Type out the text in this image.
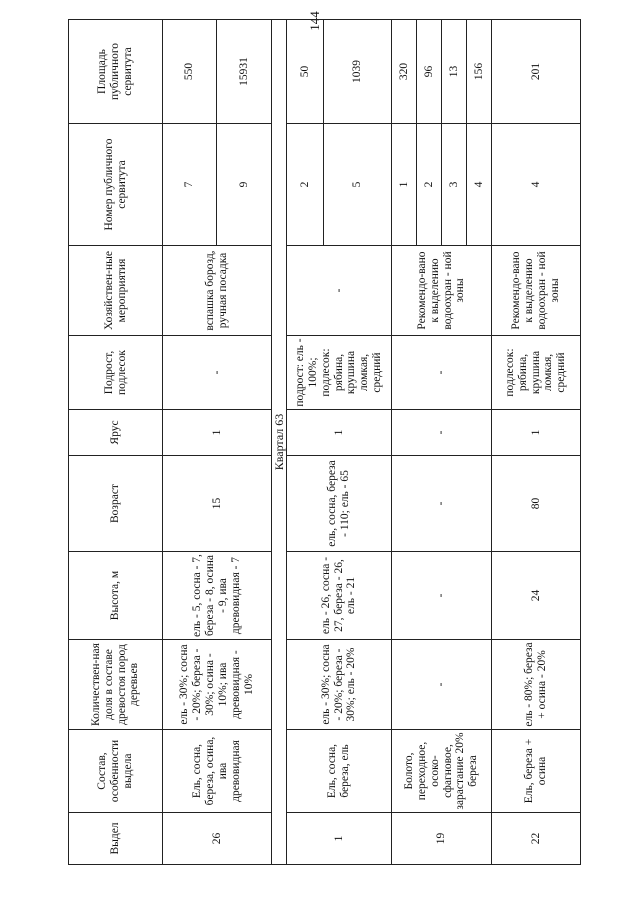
144
Выдел	Состав, особенности выдела	Количествен-ная доля в составе древостоя пород деревьев	Высота, м	Возраст	Ярус	Подрост, подлесок	Хозяйствен-ные мероприятия	Номер публичного сервитута	Площадь публичного сервитута
26	Ель, сосна, береза, осина, ива древовидная	ель - 30%; сосна - 20%; береза - 30%; осина - 10%; ива древовидная - 10%	ель - 5, сосна - 7, береза - 8, осина - 9, ива древовидная - 7	15	1	-	вспашка борозд, ручная посадка	7	550
								9	15931
Квартал 63									
1	Ель, сосна, береза, ель	ель - 30%; сосна - 20%; береза - 30%; ель - 20%	ель - 26, сосна - 27, береза - 26, ель - 21	ель, сосна, береза - 110; ель - 65	1	подрост: ель - 100%; подлесок: рябина, крушина ломкая, средний	-	2	50
								5	1039
19	Болото, переходное, осоко-сфагновое, зарастание 20% береза	-	-	-	-	-	Рекомендо-вано к выделению водоохран - ной зоны	1	320
								2	96
								3	13
								4	156
22	Ель, береза + осина	ель - 80%; береза + осина - 20%	24	80	1	подлесок: рябина, крушина ломкая, средний	Рекомендо-вано к выделению водоохран - ной зоны	4	201
